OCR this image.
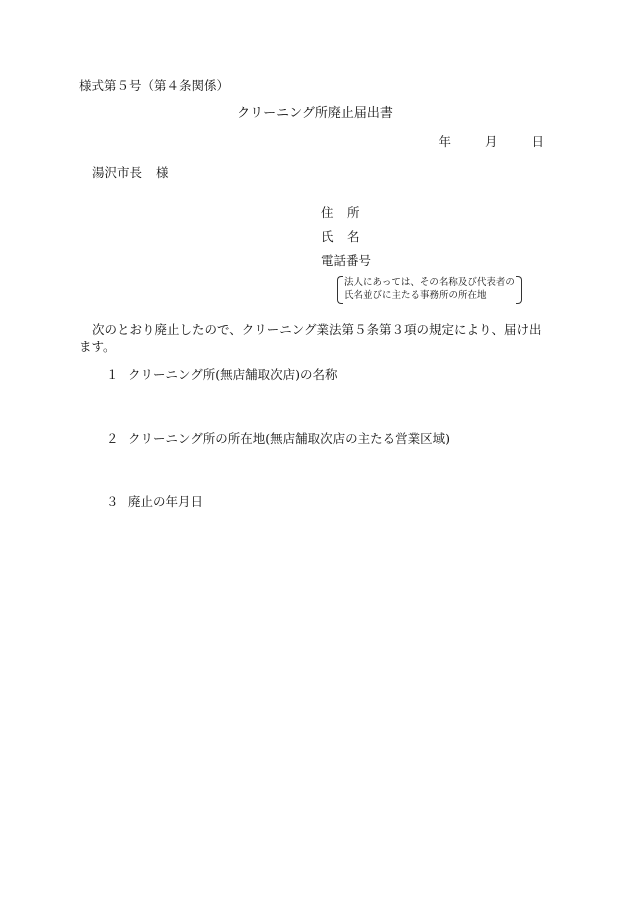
様式第５号（第４条関係）
クリーニング所廃止届出書
年	月	日
湯沢市長 様
住 所
氏 名
電話番号
法人にあっては、その名称及び代表者の
氏名並びに主たる事務所の所在地
次のとおり廃止したので、クリーニング業法第５条第３項の規定により、届け出ます。
１ クリーニング所(無店舗取次店)の名称
２ クリーニング所の所在地(無店舗取次店の主たる営業区域)
３ 廃止の年月日
